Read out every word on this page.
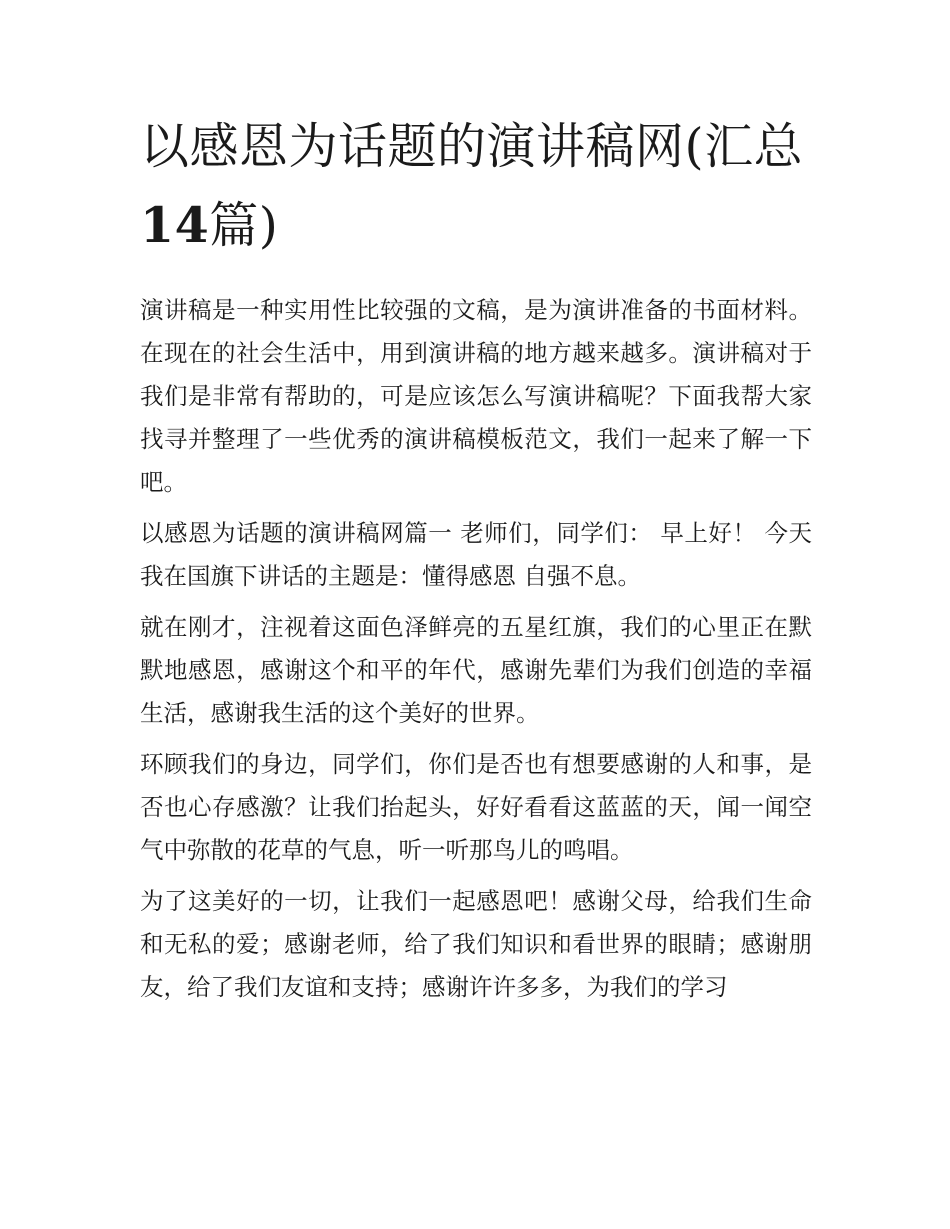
以感恩为话题的演讲稿网(汇总14篇)

演讲稿是一种实用性比较强的文稿，是为演讲准备的书面材料。在现在的社会生活中，用到演讲稿的地方越来越多。演讲稿对于我们是非常有帮助的，可是应该怎么写演讲稿呢？下面我帮大家找寻并整理了一些优秀的演讲稿模板范文，我们一起来了解一下吧。

以感恩为话题的演讲稿网篇一 老师们，同学们： 早上好！ 今天我在国旗下讲话的主题是：懂得感恩 自强不息。

就在刚才，注视着这面色泽鲜亮的五星红旗，我们的心里正在默默地感恩，感谢这个和平的年代，感谢先辈们为我们创造的幸福生活，感谢我生活的这个美好的世界。

环顾我们的身边，同学们，你们是否也有想要感谢的人和事，是否也心存感激？让我们抬起头，好好看看这蓝蓝的天，闻一闻空气中弥散的花草的气息，听一听那鸟儿的鸣唱。

为了这美好的一切，让我们一起感恩吧！感谢父母，给我们生命和无私的爱；感谢老师，给了我们知识和看世界的眼睛；感谢朋友，给了我们友谊和支持；感谢许许多多，为我们的学习
